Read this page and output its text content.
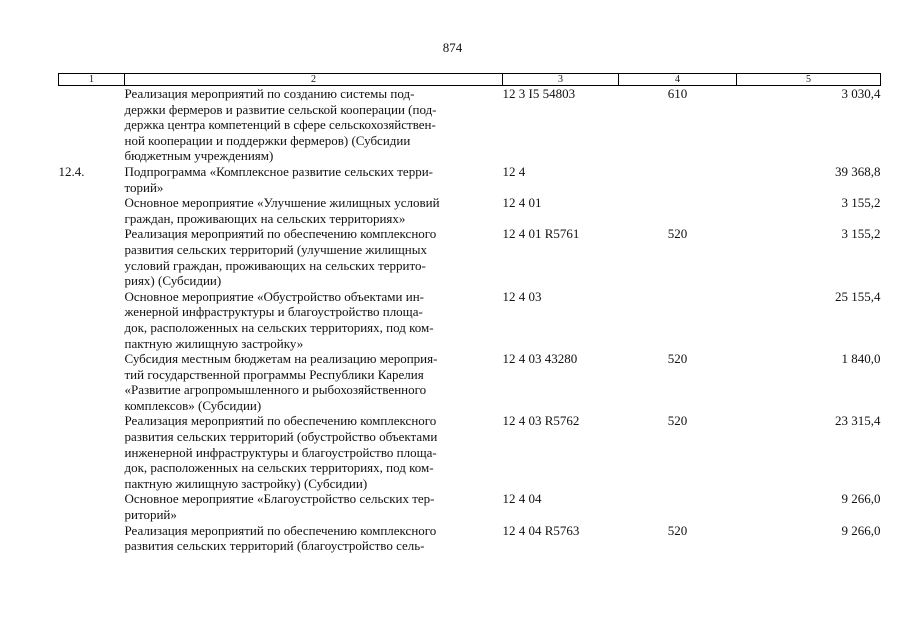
874
1	2	3	4	5
	Реализация мероприятий по созданию системы под-
держки фермеров и развитие сельской кооперации (под-
держка центра компетенций в сфере сельскохозяйствен-
ной кооперации и поддержки фермеров) (Субсидии
бюджетным учреждениям)	12 3 I5 54803	610	3 030,4
12.4.	Подпрограмма «Комплексное развитие сельских терри-
торий»	12 4		39 368,8
	Основное мероприятие «Улучшение жилищных условий
граждан, проживающих на сельских территориях»	12 4 01		3 155,2
	Реализация мероприятий по обеспечению комплексного
развития сельских территорий (улучшение жилищных
условий граждан, проживающих на сельских террито-
риях) (Субсидии)	12 4 01 R5761	520	3 155,2
	Основное мероприятие «Обустройство объектами ин-
женерной инфраструктуры и благоустройство площа-
док, расположенных на сельских территориях, под ком-
пактную жилищную застройку»	12 4 03		25 155,4
	Субсидия местным бюджетам на реализацию мероприя-
тий государственной программы Республики Карелия
«Развитие агропромышленного и рыбохозяйственного
комплексов» (Субсидии)	12 4 03 43280	520	1 840,0
	Реализация мероприятий по обеспечению комплексного
развития сельских территорий (обустройство объектами
инженерной инфраструктуры и благоустройство площа-
док, расположенных на сельских территориях, под ком-
пактную жилищную застройку) (Субсидии)	12 4 03 R5762	520	23 315,4
	Основное мероприятие «Благоустройство сельских тер-
риторий»	12 4 04		9 266,0
	Реализация мероприятий по обеспечению комплексного
развития сельских территорий (благоустройство сель-	12 4 04 R5763	520	9 266,0
